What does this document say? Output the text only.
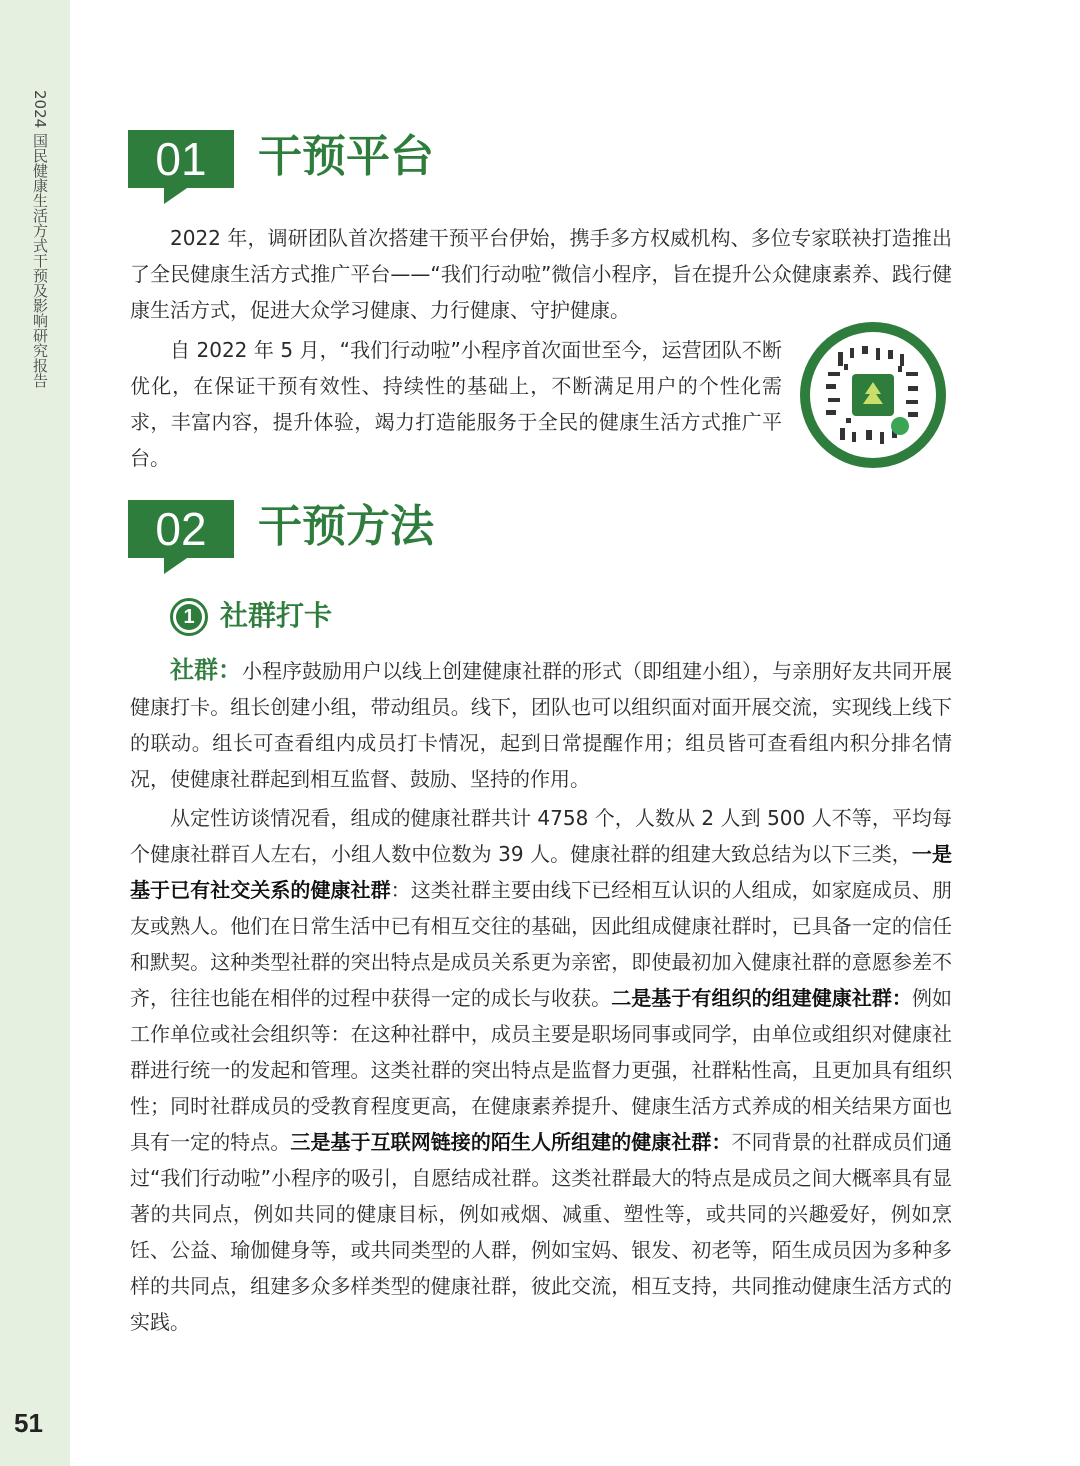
2024 国民健康生活方式干预及影响研究报告
51
01	干预平台

2022 年，调研团队首次搭建干预平台伊始，携手多方权威机构、多位专家联袂打造推出了全民健康生活方式推广平台——“我们行动啦”微信小程序，旨在提升公众健康素养、践行健康生活方式，促进大众学习健康、力行健康、守护健康。

自 2022 年 5 月，“我们行动啦”小程序首次面世至今，运营团队不断优化，在保证干预有效性、持续性的基础上，不断满足用户的个性化需求，丰富内容，提升体验，竭力打造能服务于全民的健康生活方式推广平台。

02	干预方法
1 社群打卡

社群：小程序鼓励用户以线上创建健康社群的形式（即组建小组），与亲朋好友共同开展健康打卡。组长创建小组，带动组员。线下，团队也可以组织面对面开展交流，实现线上线下的联动。组长可查看组内成员打卡情况，起到日常提醒作用；组员皆可查看组内积分排名情况，使健康社群起到相互监督、鼓励、坚持的作用。

从定性访谈情况看，组成的健康社群共计 4758 个，人数从 2 人到 500 人不等，平均每个健康社群百人左右，小组人数中位数为 39 人。健康社群的组建大致总结为以下三类，一是基于已有社交关系的健康社群：这类社群主要由线下已经相互认识的人组成，如家庭成员、朋友或熟人。他们在日常生活中已有相互交往的基础，因此组成健康社群时，已具备一定的信任和默契。这种类型社群的突出特点是成员关系更为亲密，即使最初加入健康社群的意愿参差不齐，往往也能在相伴的过程中获得一定的成长与收获。二是基于有组织的组建健康社群：例如工作单位或社会组织等：在这种社群中，成员主要是职场同事或同学，由单位或组织对健康社群进行统一的发起和管理。这类社群的突出特点是监督力更强，社群粘性高，且更加具有组织性；同时社群成员的受教育程度更高，在健康素养提升、健康生活方式养成的相关结果方面也具有一定的特点。三是基于互联网链接的陌生人所组建的健康社群：不同背景的社群成员们通过“我们行动啦”小程序的吸引，自愿结成社群。这类社群最大的特点是成员之间大概率具有显著的共同点，例如共同的健康目标，例如戒烟、减重、塑性等，或共同的兴趣爱好，例如烹饪、公益、瑜伽健身等，或共同类型的人群，例如宝妈、银发、初老等，陌生成员因为多种多样的共同点，组建多众多样类型的健康社群，彼此交流，相互支持，共同推动健康生活方式的实践。
